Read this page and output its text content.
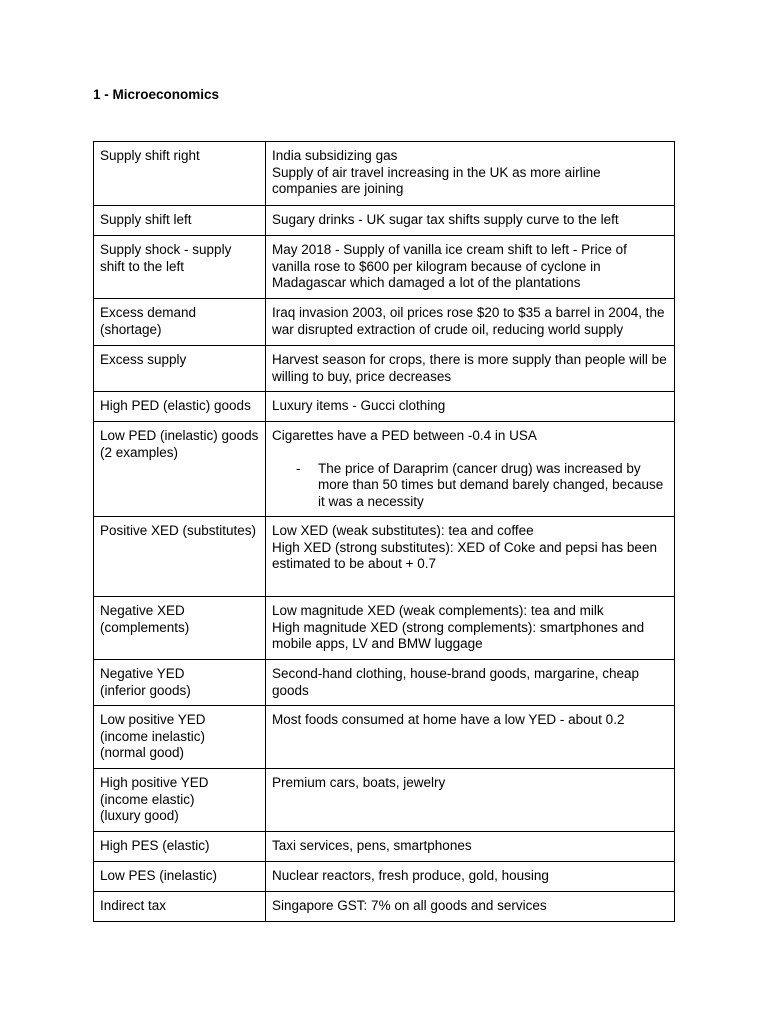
1 - Microeconomics
Supply shift right	India subsidizing gas
Supply of air travel increasing in the UK as more airline companies are joining

Supply shift left	Sugary drinks - UK sugar tax shifts supply curve to the left

Supply shock - supply shift to the left	May 2018 - Supply of vanilla ice cream shift to left - Price of vanilla rose to $600 per kilogram because of cyclone in Madagascar which damaged a lot of the plantations

Excess demand (shortage)	Iraq invasion 2003, oil prices rose $20 to $35 a barrel in 2004, the war disrupted extraction of crude oil, reducing world supply

Excess supply	Harvest season for crops, there is more supply than people will be willing to buy, price decreases

High PED (elastic) goods	Luxury items - Gucci clothing

Low PED (inelastic) goods (2 examples)	Cigarettes have a PED between -0.4 in USA
- The price of Daraprim (cancer drug) was increased by more than 50 times but demand barely changed, because it was a necessity

Positive XED (substitutes)	Low XED (weak substitutes): tea and coffee
High XED (strong substitutes): XED of Coke and pepsi has been estimated to be about + 0.7

Negative XED (complements)	Low magnitude XED (weak complements): tea and milk
High magnitude XED (strong complements): smartphones and mobile apps, LV and BMW luggage

Negative YED
(inferior goods)	Second-hand clothing, house-brand goods, margarine, cheap goods

Low positive YED
(income inelastic)
(normal good)	Most foods consumed at home have a low YED - about 0.2

High positive YED
(income elastic)
(luxury good)	Premium cars, boats, jewelry

High PES (elastic)	Taxi services, pens, smartphones

Low PES (inelastic)	Nuclear reactors, fresh produce, gold, housing

Indirect tax	Singapore GST: 7% on all goods and services
